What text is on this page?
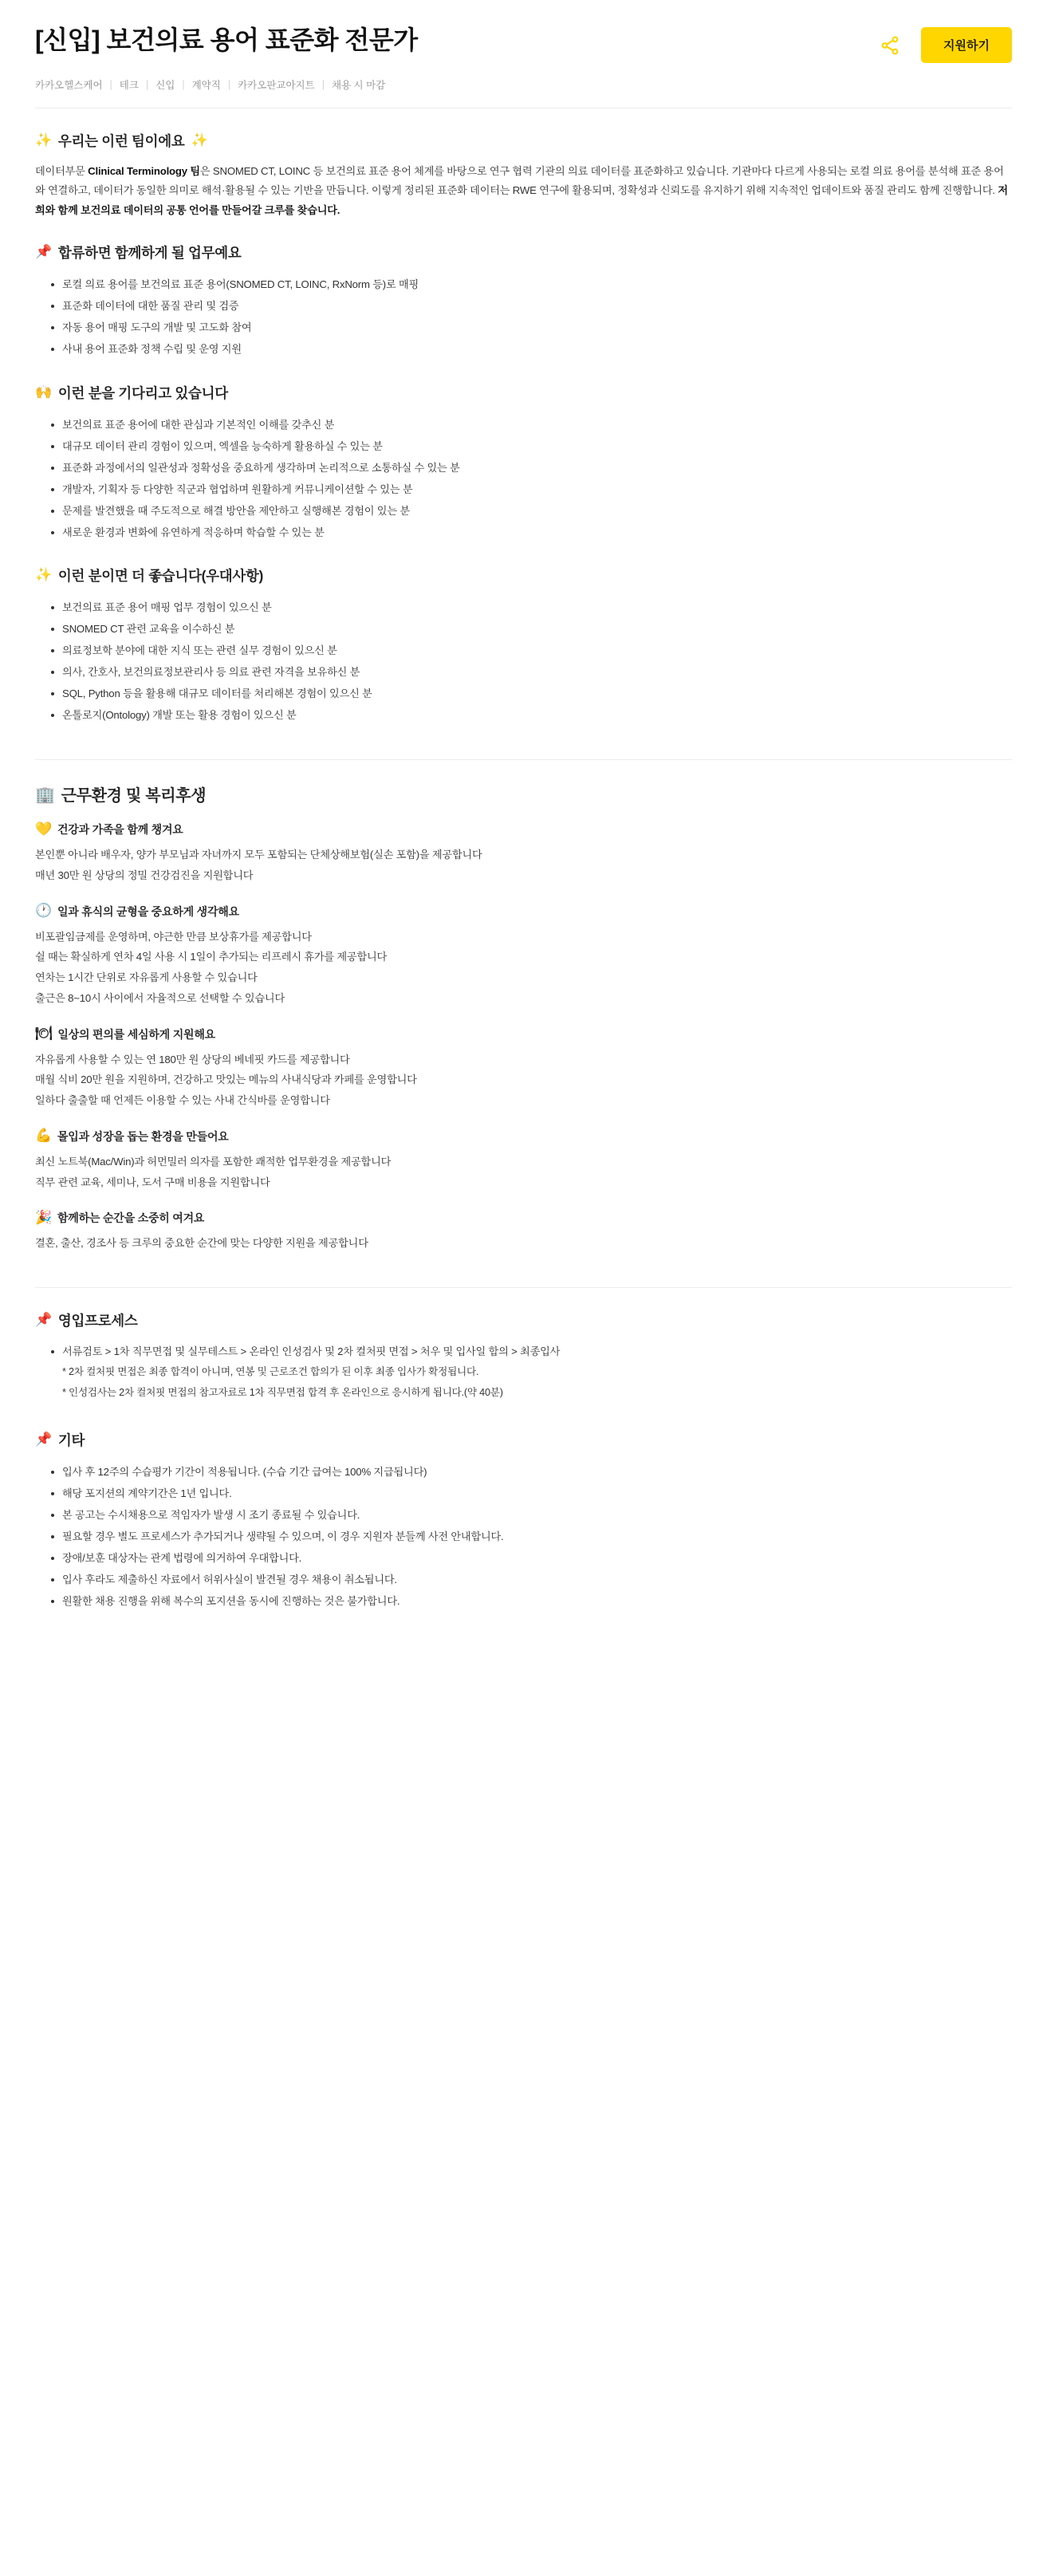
[신입] 보건의료 용어 표준화 전문가	지원하기
카카오헬스케어 | 테크 | 신입 | 계약직 | 카카오판교아지트 | 채용 시 마감
✨ 우리는 이런 팀이에요 ✨

데이터부문 Clinical Terminology 팀은 SNOMED CT, LOINC 등 보건의료 표준 용어 체계를 바탕으로 연구 협력 기관의 의료 데이터를 표준화하고 있습니다. 기관마다 다르게 사용되는 로컬 의료 용어를 분석해 표준 용어와 연결하고, 데이터가 동일한 의미로 해석·활용될 수 있는 기반을 만듭니다. 이렇게 정리된 표준화 데이터는 RWE 연구에 활용되며, 정확성과 신뢰도를 유지하기 위해 지속적인 업데이트와 품질 관리도 함께 진행합니다. 저희와 함께 보건의료 데이터의 공통 언어를 만들어갈 크루를 찾습니다.

📌 합류하면 함께하게 될 업무예요
로컬 의료 용어를 보건의료 표준 용어(SNOMED CT, LOINC, RxNorm 등)로 매핑
표준화 데이터에 대한 품질 관리 및 검증
자동 용어 매핑 도구의 개발 및 고도화 참여
사내 용어 표준화 정책 수립 및 운영 지원
🙌 이런 분을 기다리고 있습니다
보건의료 표준 용어에 대한 관심과 기본적인 이해를 갖추신 분
대규모 데이터 관리 경험이 있으며, 엑셀을 능숙하게 활용하실 수 있는 분
표준화 과정에서의 일관성과 정확성을 중요하게 생각하며 논리적으로 소통하실 수 있는 분
개발자, 기획자 등 다양한 직군과 협업하며 원활하게 커뮤니케이션할 수 있는 분
문제를 발견했을 때 주도적으로 해결 방안을 제안하고 실행해본 경험이 있는 분
새로운 환경과 변화에 유연하게 적응하며 학습할 수 있는 분
✨ 이런 분이면 더 좋습니다(우대사항)
보건의료 표준 용어 매핑 업무 경험이 있으신 분
SNOMED CT 관련 교육을 이수하신 분
의료정보학 분야에 대한 지식 또는 관련 실무 경험이 있으신 분
의사, 간호사, 보건의료정보관리사 등 의료 관련 자격을 보유하신 분
SQL, Python 등을 활용해 대규모 데이터를 처리해본 경험이 있으신 분
온톨로지(Ontology) 개발 또는 활용 경험이 있으신 분
🏢 근무환경 및 복리후생
💛 건강과 가족을 함께 챙겨요
본인뿐 아니라 배우자, 양가 부모님과 자녀까지 모두 포함되는 단체상해보험(실손 포함)을 제공합니다
매년 30만 원 상당의 정밀 건강검진을 지원합니다
🕐 일과 휴식의 균형을 중요하게 생각해요
비포괄임금제를 운영하며, 야근한 만큼 보상휴가를 제공합니다
쉴 때는 확실하게 연차 4일 사용 시 1일이 추가되는 리프레시 휴가를 제공합니다
연차는 1시간 단위로 자유롭게 사용할 수 있습니다
출근은 8~10시 사이에서 자율적으로 선택할 수 있습니다
🍽 일상의 편의를 세심하게 지원해요
자유롭게 사용할 수 있는 연 180만 원 상당의 베네핏 카드를 제공합니다
매월 식비 20만 원을 지원하며, 건강하고 맛있는 메뉴의 사내식당과 카페를 운영합니다
일하다 출출할 때 언제든 이용할 수 있는 사내 간식바를 운영합니다
💪 몰입과 성장을 돕는 환경을 만들어요
최신 노트북(Mac/Win)과 허먼밀러 의자를 포함한 쾌적한 업무환경을 제공합니다
직무 관련 교육, 세미나, 도서 구매 비용을 지원합니다
🎉 함께하는 순간을 소중히 여겨요
결혼, 출산, 경조사 등 크루의 중요한 순간에 맞는 다양한 지원을 제공합니다
📌 영입프로세스
서류검토 > 1차 직무면접 및 실무테스트 > 온라인 인성검사 및 2차 컬처핏 면접 > 처우 및 입사일 합의 > 최종입사
* 2차 컬처핏 면접은 최종 합격이 아니며, 연봉 및 근로조건 합의가 된 이후 최종 입사가 확정됩니다.
* 인성검사는 2차 컬처핏 면접의 참고자료로 1차 직무면접 합격 후 온라인으로 응시하게 됩니다.(약 40분)
📌 기타
입사 후 12주의 수습평가 기간이 적용됩니다. (수습 기간 급여는 100% 지급됩니다)
해당 포지션의 계약기간은 1년 입니다.
본 공고는 수시채용으로 적임자가 발생 시 조기 종료될 수 있습니다.
필요할 경우 별도 프로세스가 추가되거나 생략될 수 있으며, 이 경우 지원자 분들께 사전 안내합니다.
장애/보훈 대상자는 관계 법령에 의거하여 우대합니다.
입사 후라도 제출하신 자료에서 허위사실이 발견될 경우 채용이 취소됩니다.
원활한 채용 진행을 위해 복수의 포지션을 동시에 진행하는 것은 불가합니다.
